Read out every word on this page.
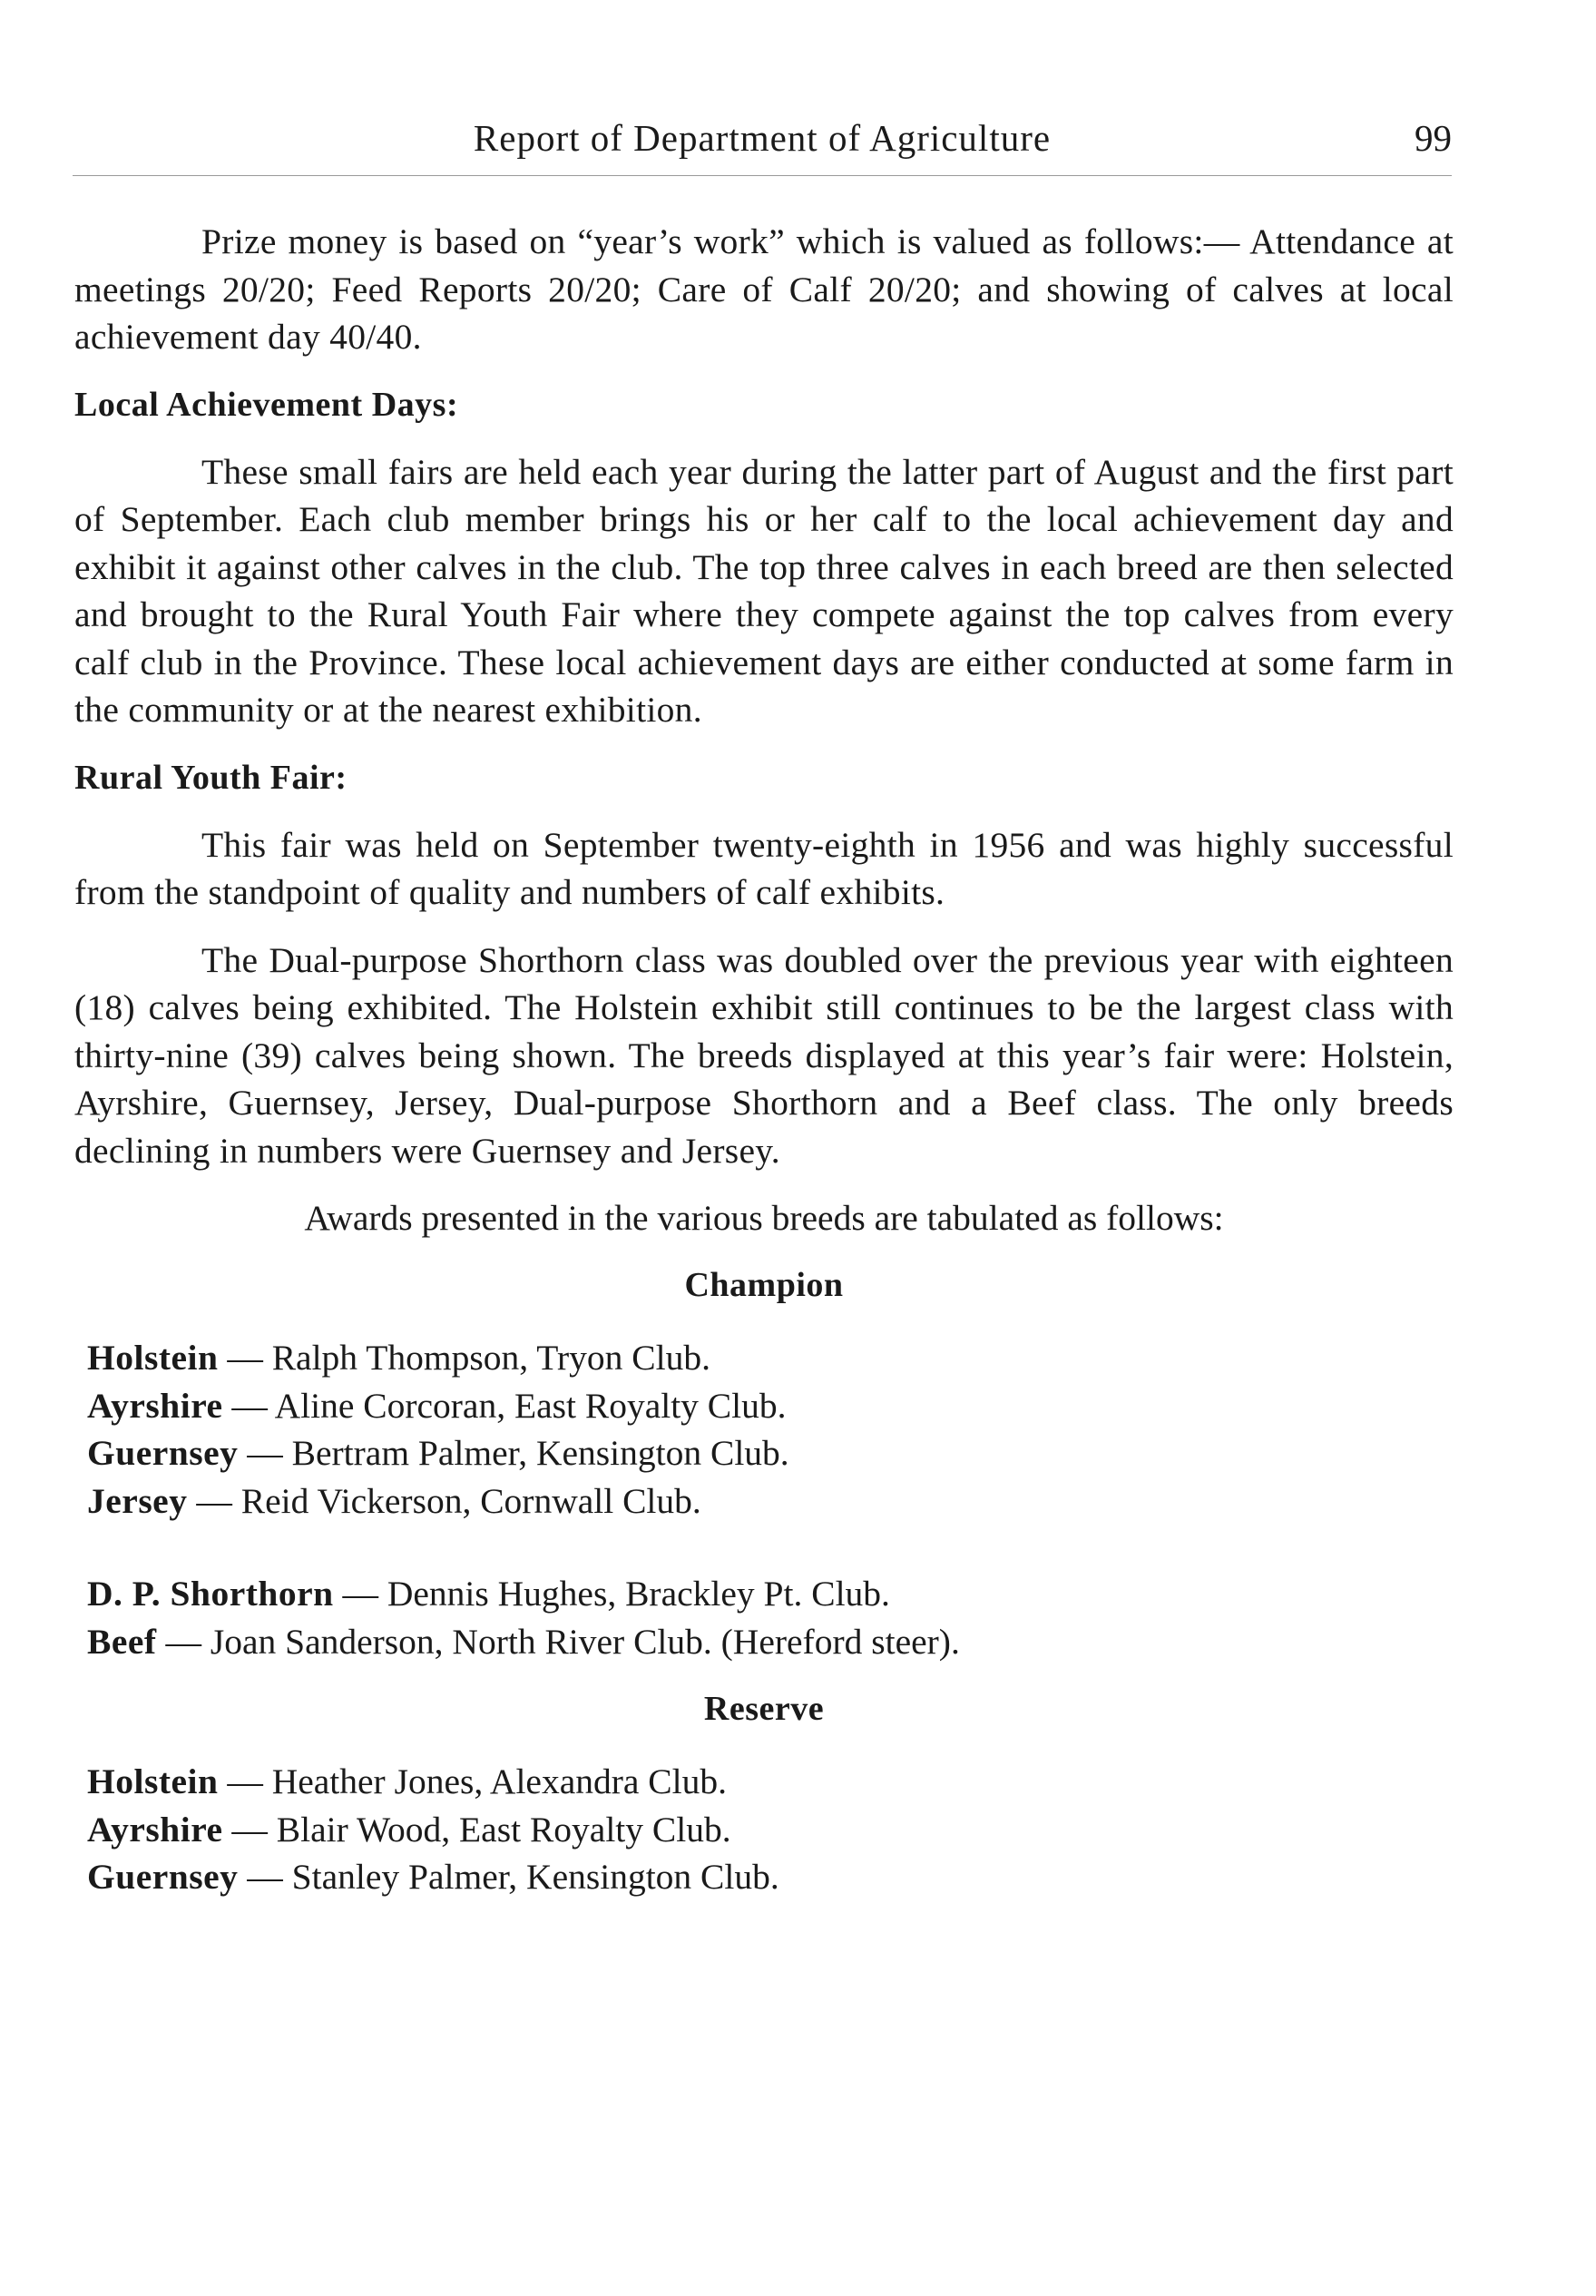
Report of Department of Agriculture	99

Prize money is based on “year’s work” which is valued as follows:— Attendance at meetings 20/20; Feed Reports 20/20; Care of Calf 20/20; and showing of calves at local achievement day 40/40.

Local Achievement Days:

These small fairs are held each year during the latter part of August and the first part of September. Each club member brings his or her calf to the local achievement day and exhibit it against other calves in the club. The top three calves in each breed are then selected and brought to the Rural Youth Fair where they compete against the top calves from every calf club in the Province. These local achievement days are either conducted at some farm in the community or at the nearest exhibition.

Rural Youth Fair:

This fair was held on September twenty-eighth in 1956 and was highly successful from the standpoint of quality and numbers of calf exhibits.

The Dual-purpose Shorthorn class was doubled over the previous year with eighteen (18) calves being exhibited. The Holstein exhibit still continues to be the largest class with thirty-nine (39) calves being shown. The breeds displayed at this year’s fair were: Holstein, Ayrshire, Guernsey, Jersey, Dual-purpose Shorthorn and a Beef class. The only breeds declining in numbers were Guernsey and Jersey.

Awards presented in the various breeds are tabulated as follows:

Champion

Holstein — Ralph Thompson, Tryon Club.

Ayrshire — Aline Corcoran, East Royalty Club.

Guernsey — Bertram Palmer, Kensington Club.

Jersey — Reid Vickerson, Cornwall Club.

D. P. Shorthorn — Dennis Hughes, Brackley Pt. Club.

Beef — Joan Sanderson, North River Club. (Hereford steer).

Reserve

Holstein — Heather Jones, Alexandra Club.

Ayrshire — Blair Wood, East Royalty Club.

Guernsey — Stanley Palmer, Kensington Club.
